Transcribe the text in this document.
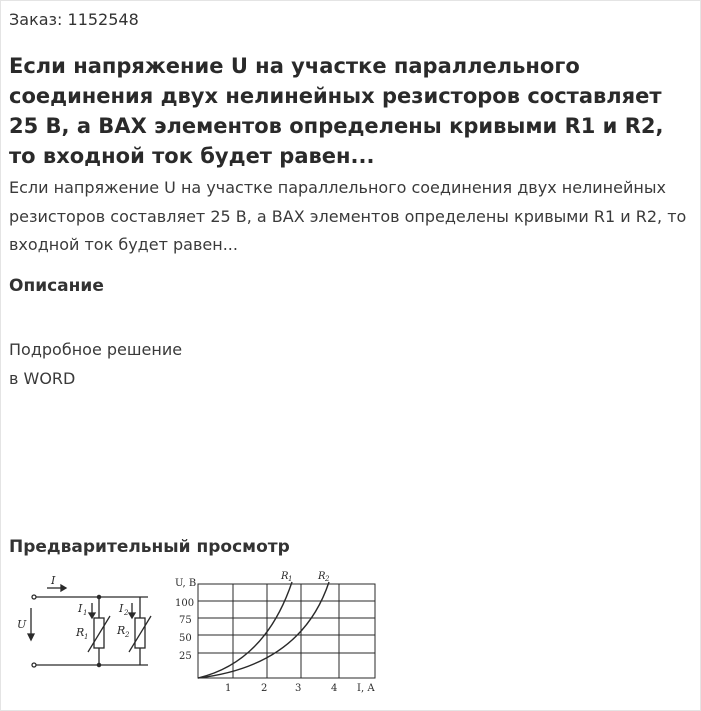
Заказ: 1152548
Если напряжение U на участке параллельного соединения двух нелинейных резисторов составляет 25 В, а ВАХ элементов определены кривыми R1 и R2, то входной ток будет равен...
Если напряжение U на участке параллельного соединения двух нелинейных резисторов составляет 25 В, а ВАХ элементов определены кривыми R1 и R2, то входной ток будет равен...
Описание
Подробное решение
в WORD
Предварительный просмотр
I
U
I 1	I 2
R 1	R 2
U, В
100
75
50
25
1	2	3	4 I, А
R 1	R 2
